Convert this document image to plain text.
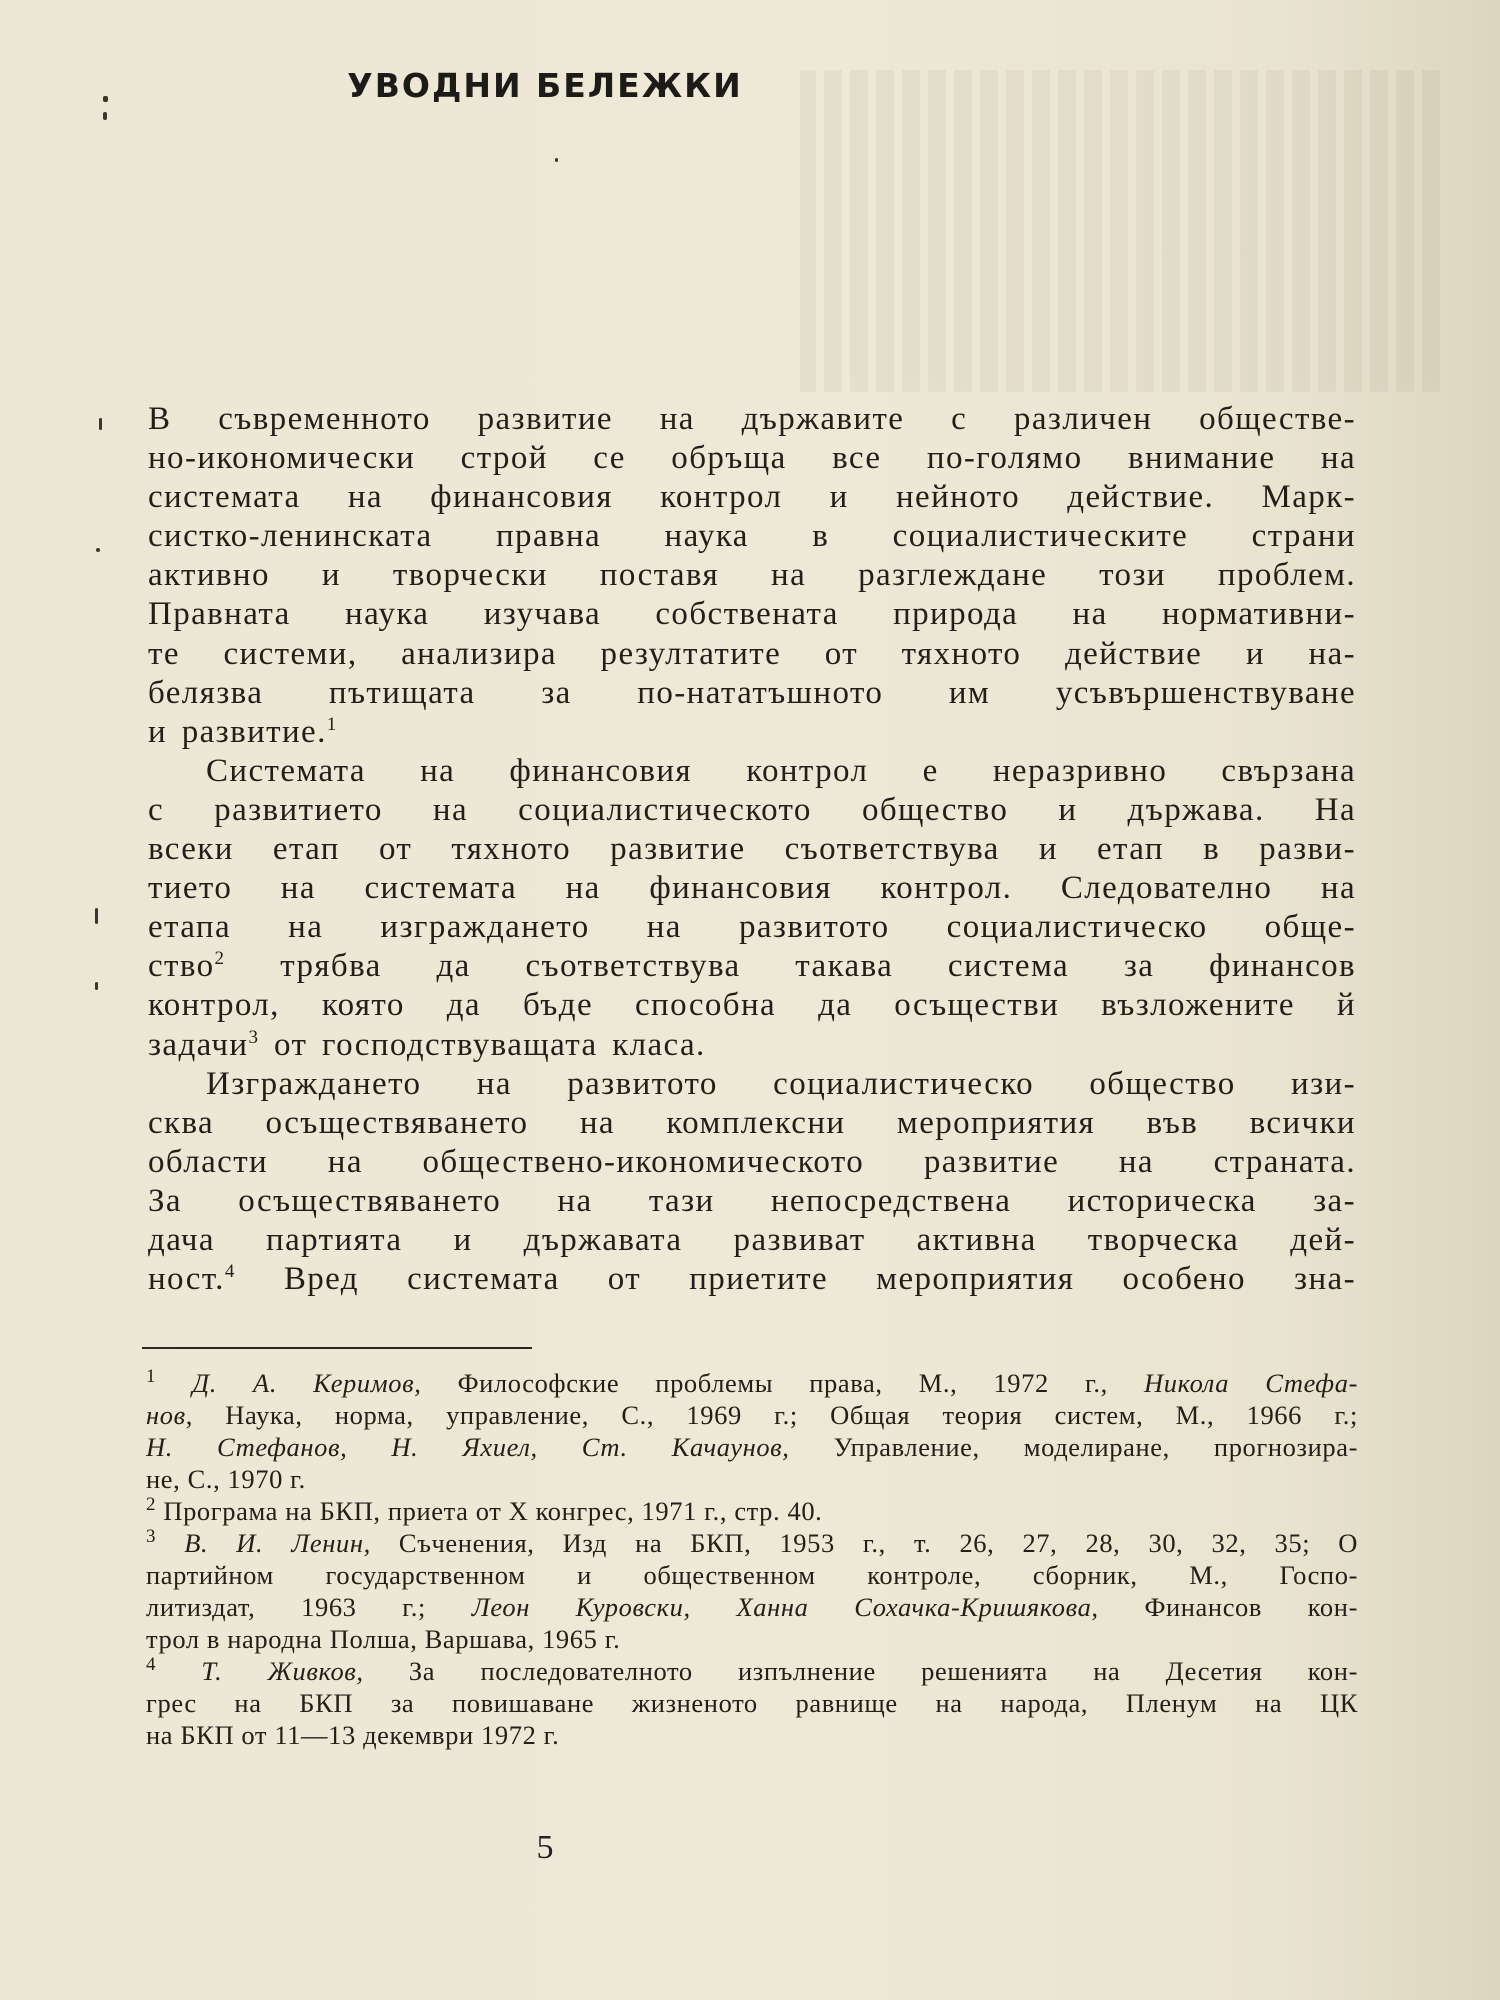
УВОДНИ БЕЛЕЖКИ
В съвременното развитие на държавите с различен обществе-
но-икономически строй се обръща все по-голямо внимание на
системата на финансовия контрол и нейното действие. Марк-
систко-ленинската правна наука в социалистическите страни
активно и творчески поставя на разглеждане този проблем.
Правната наука изучава собствената природа на нормативни-
те системи, анализира резултатите от тяхното действие и на-
белязва пътищата за по-нататъшното им усъвършенствуване
и развитие.$^1$
Системата на финансовия контрол е неразривно свързана
с развитието на социалистическото общество и държава. На
всеки етап от тяхното развитие съответствува и етап в разви-
тието на системата на финансовия контрол. Следователно на
етапа на изграждането на развитото социалистическо обще-
ство$^2$ трябва да съответствува такава система за финансов
контрол, която да бъде способна да осъществи възложените й
задачи$^3$ от господствуващата класа.
Изграждането на развитото социалистическо общество изи-
сква осъществяването на комплексни мероприятия във всички
области на обществено-икономическото развитие на страната.
За осъществяването на тази непосредствена историческа за-
дача партията и държавата развиват активна творческа дей-
ност.$^4$ Вред системата от приетите мероприятия особено зна-
$^1$ Д. А. Керимов, Философские проблемы права, М., 1972 г., Никола Стефа-
нов, Наука, норма, управление, С., 1969 г.; Общая теория систем, М., 1966 г.;
Н. Стефанов, Н. Яхиел, Ст. Качаунов, Управление, моделиране, прогнозира-
не, С., 1970 г.
$^2$ Програма на БКП, приета от X конгрес, 1971 г., стр. 40.
$^3$ В. И. Ленин, Съченения, Изд на БКП, 1953 г., т. 26, 27, 28, 30, 32, 35; О
партийном государственном и общественном контроле, сборник, М., Госпо-
литиздат, 1963 г.; Леон Куровски, Ханна Сохачка-Кришякова, Финансов кон-
трол в народна Полша, Варшава, 1965 г.
$^4$ Т. Живков, За последователното изпълнение решенията на Десетия кон-
грес на БКП за повишаване жизненото равнище на народа, Пленум на ЦК
на БКП от 11—13 декември 1972 г.
5
